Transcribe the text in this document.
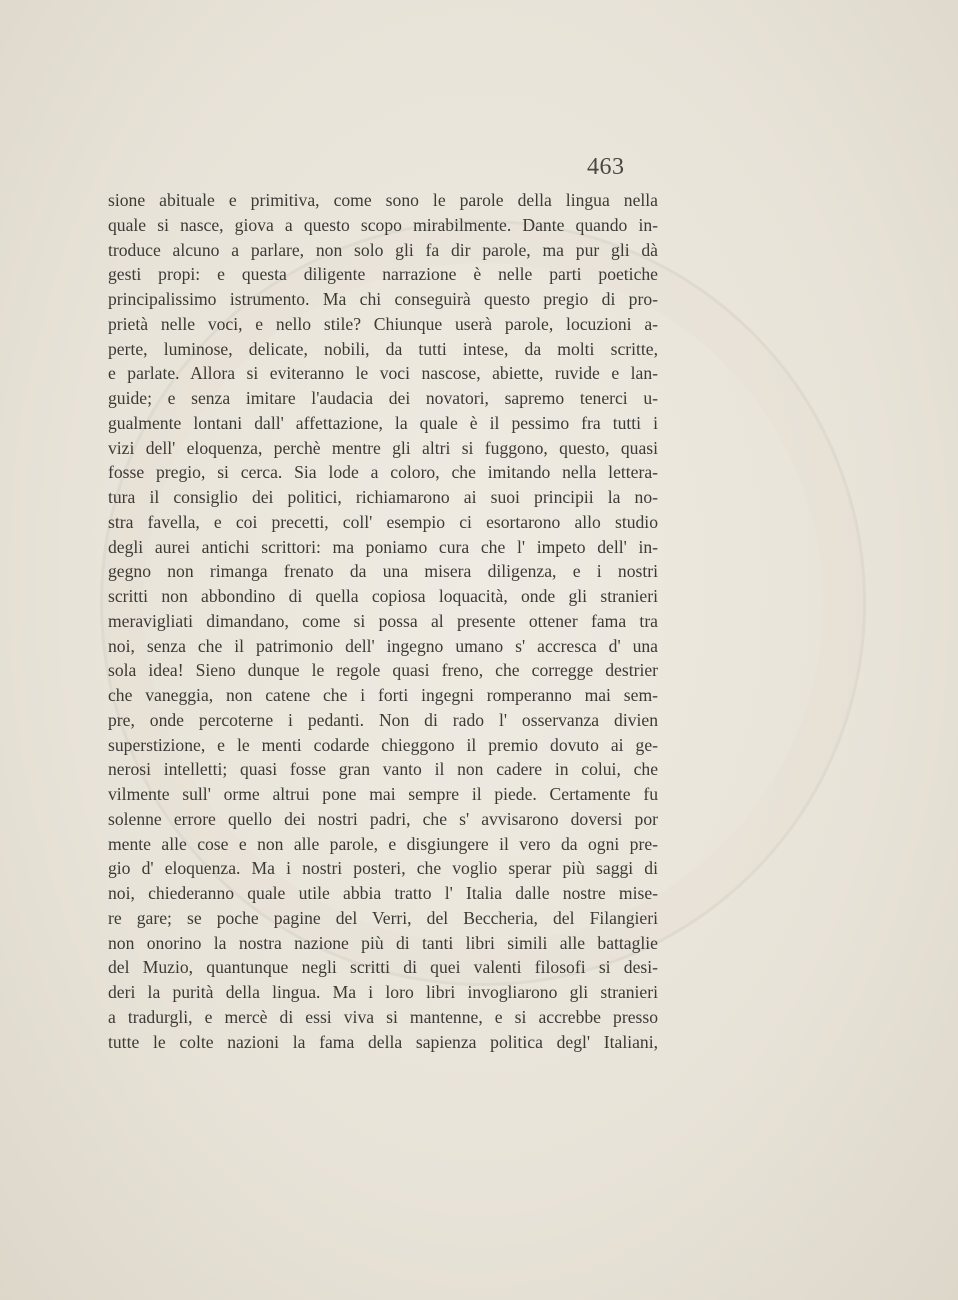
463
sione abituale e primitiva, come sono le parole della lingua nella
quale si nasce, giova a questo scopo mirabilmente. Dante quando in-
troduce alcuno a parlare, non solo gli fa dir parole, ma pur gli dà
gesti propi: e questa diligente narrazione è nelle parti poetiche
principalissimo istrumento. Ma chi conseguirà questo pregio di pro-
prietà nelle voci, e nello stile? Chiunque userà parole, locuzioni a-
perte, luminose, delicate, nobili, da tutti intese, da molti scritte,
e parlate. Allora si eviteranno le voci nascose, abiette, ruvide e lan-
guide; e senza imitare l'audacia dei novatori, sapremo tenerci u-
gualmente lontani dall' affettazione, la quale è il pessimo fra tutti i
vizi dell' eloquenza, perchè mentre gli altri si fuggono, questo, quasi
fosse pregio, si cerca. Sia lode a coloro, che imitando nella lettera-
tura il consiglio dei politici, richiamarono ai suoi principii la no-
stra favella, e coi precetti, coll' esempio ci esortarono allo studio
degli aurei antichi scrittori: ma poniamo cura che l' impeto dell' in-
gegno non rimanga frenato da una misera diligenza, e i nostri
scritti non abbondino di quella copiosa loquacità, onde gli stranieri
meravigliati dimandano, come si possa al presente ottener fama tra
noi, senza che il patrimonio dell' ingegno umano s' accresca d' una
sola idea! Sieno dunque le regole quasi freno, che corregge destrier
che vaneggia, non catene che i forti ingegni romperanno mai sem-
pre, onde percoterne i pedanti. Non di rado l' osservanza divien
superstizione, e le menti codarde chieggono il premio dovuto ai ge-
nerosi intelletti; quasi fosse gran vanto il non cadere in colui, che
vilmente sull' orme altrui pone mai sempre il piede. Certamente fu
solenne errore quello dei nostri padri, che s' avvisarono doversi por
mente alle cose e non alle parole, e disgiungere il vero da ogni pre-
gio d' eloquenza. Ma i nostri posteri, che voglio sperar più saggi di
noi, chiederanno quale utile abbia tratto l' Italia dalle nostre mise-
re gare; se poche pagine del Verri, del Beccheria, del Filangieri
non onorino la nostra nazione più di tanti libri simili alle battaglie
del Muzio, quantunque negli scritti di quei valenti filosofi si desi-
deri la purità della lingua. Ma i loro libri invogliarono gli stranieri
a tradurgli, e mercè di essi viva si mantenne, e si accrebbe presso
tutte le colte nazioni la fama della sapienza politica degl' Italiani,
